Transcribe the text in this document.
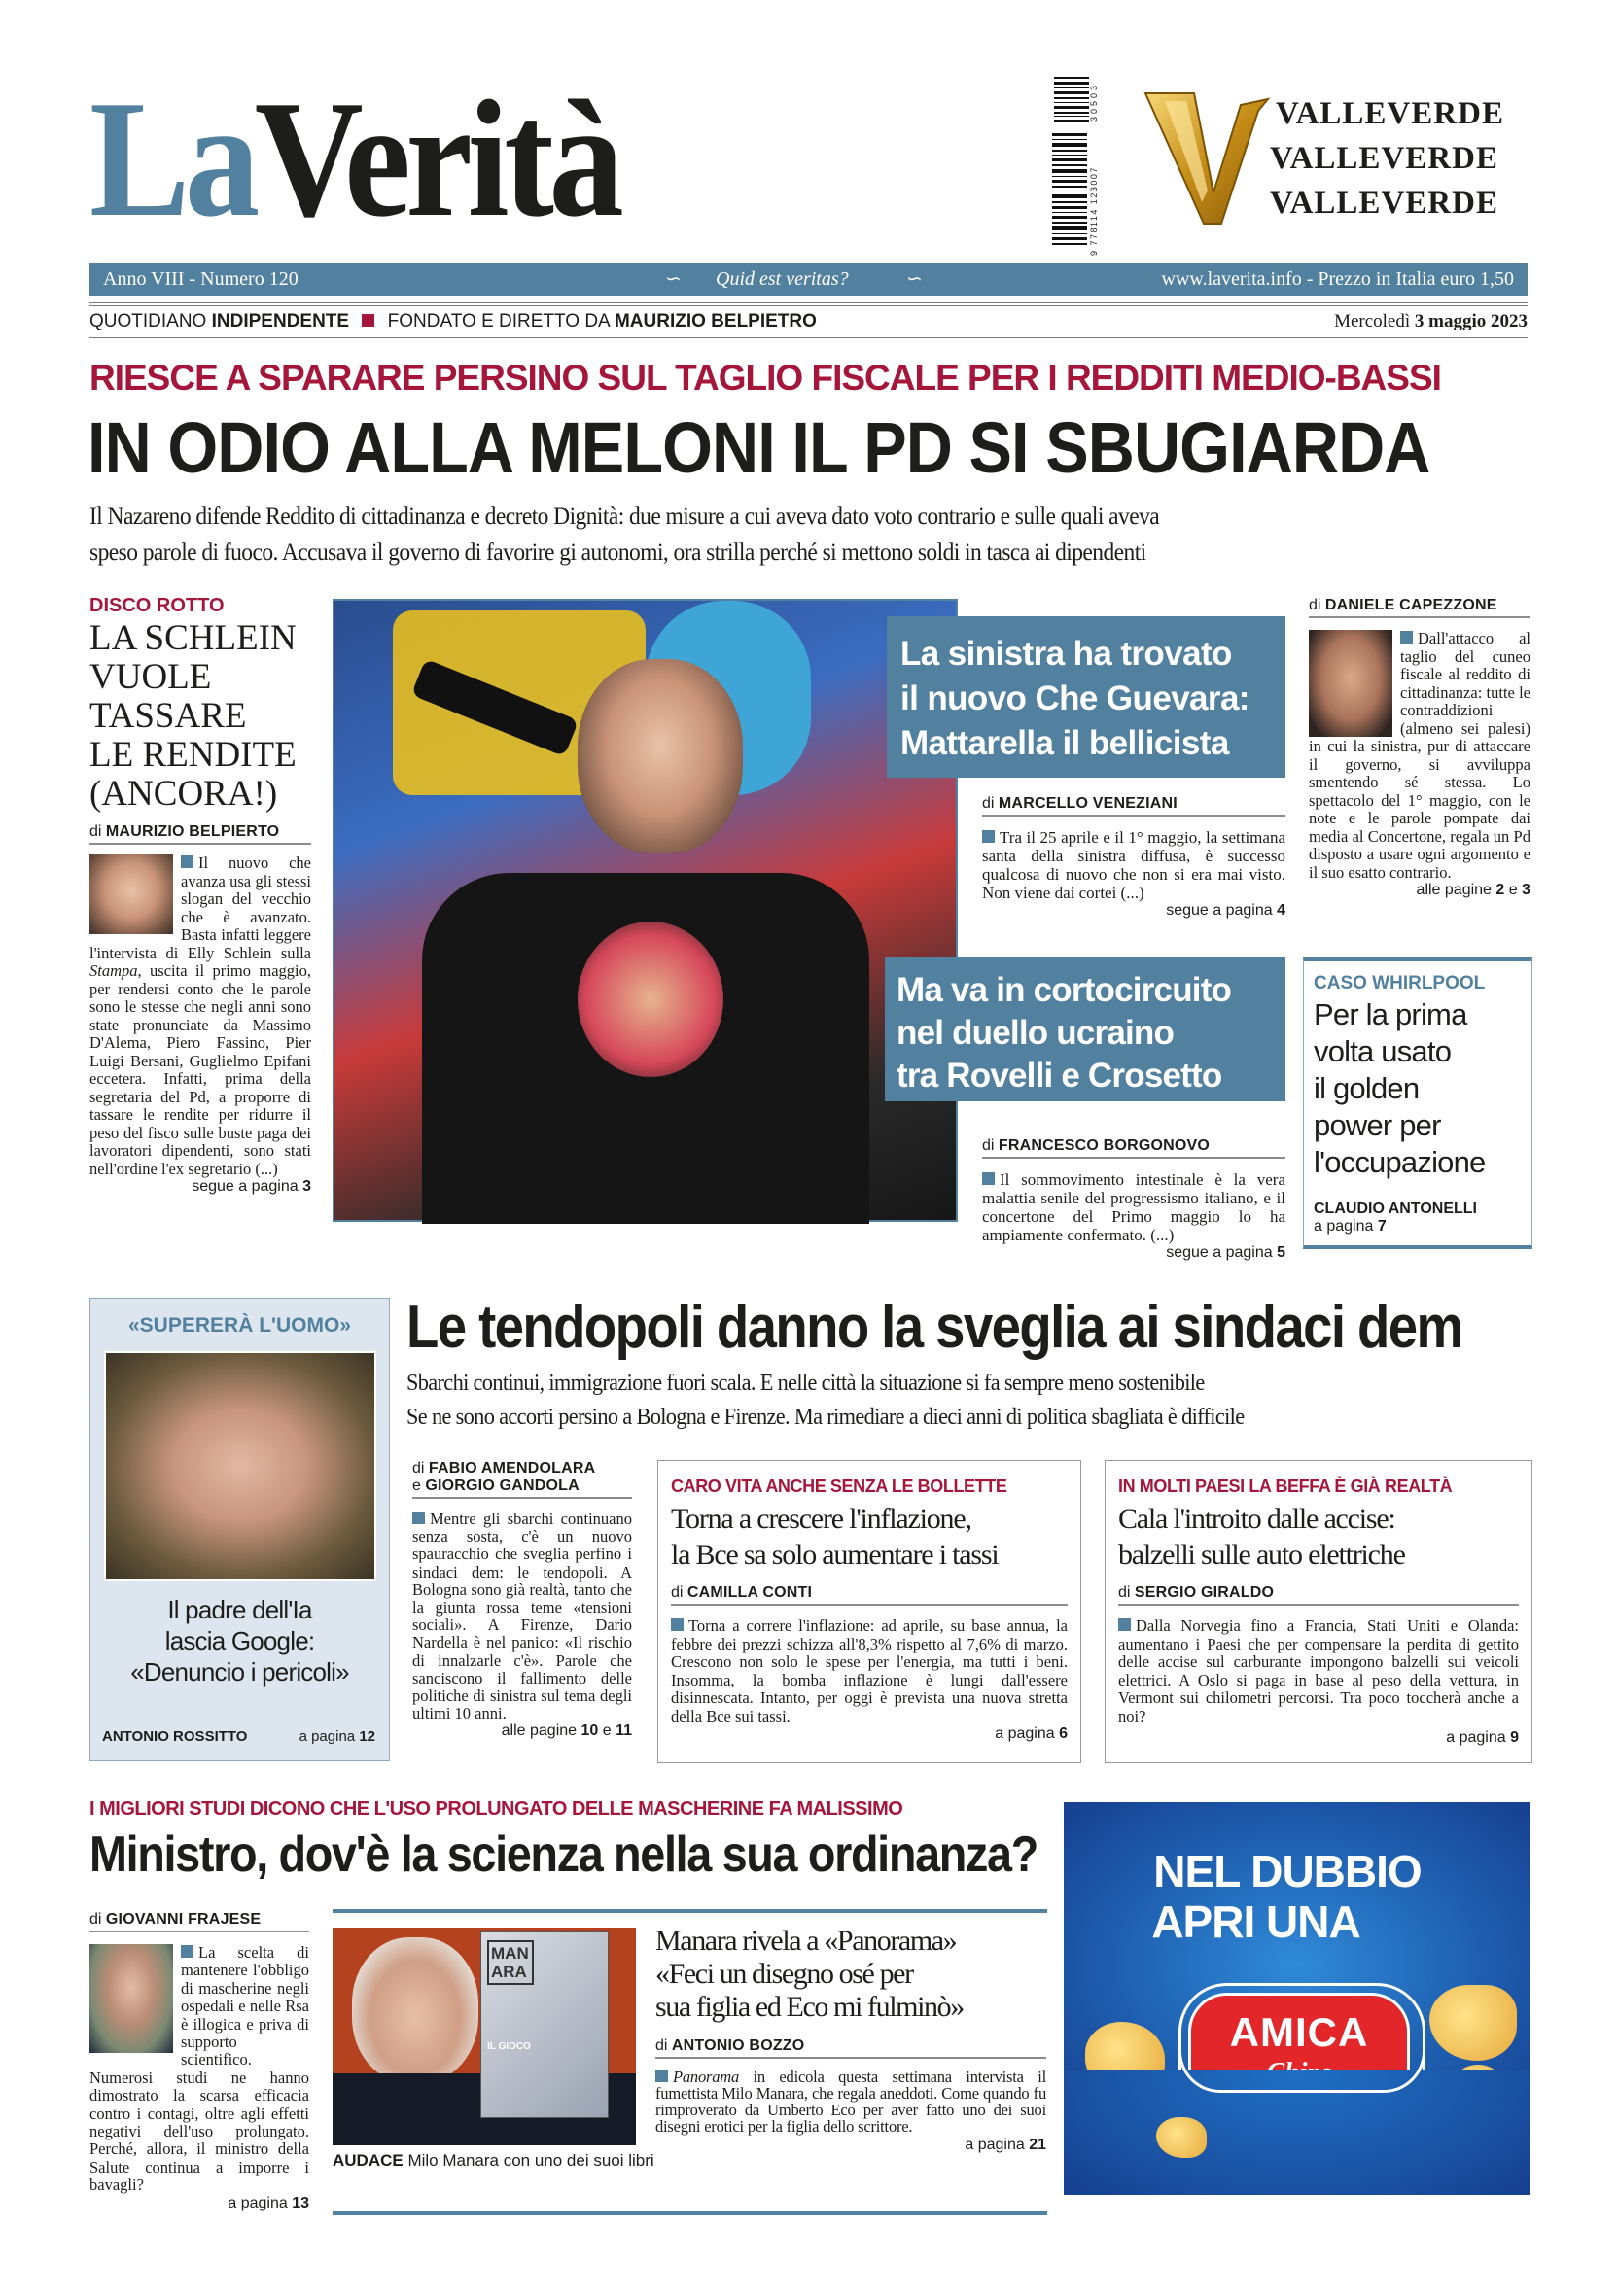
LaVerità	30503
9 778114 123007
VALLEVERDE
VALLEVERDE
VALLEVERDE
Anno VIII - Numero 120	∽ Quid est veritas?	∽	www.laverita.info - Prezzo in Italia euro 1,50
QUOTIDIANO INDIPENDENTE FONDATO E DIRETTO DA MAURIZIO BELPIETRO	Mercoledì 3 maggio 2023
RIESCE A SPARARE PERSINO SUL TAGLIO FISCALE PER I REDDITI MEDIO-BASSI
IN ODIO ALLA MELONI IL PD SI SBUGIARDA
Il Nazareno difende Reddito di cittadinanza e decreto Dignità: due misure a cui aveva dato voto contrario e sulle quali aveva
speso parole di fuoco. Accusava il governo di favorire gi autonomi, ora strilla perché si mettono soldi in tasca ai dipendenti
DISCO ROTTO
LA SCHLEIN
VUOLE
TASSARE
LE RENDITE
(ANCORA!)
di MAURIZIO BELPIERTO
Il nuovo che avanza usa gli stessi slogan del vecchio che è avanzato. Basta infatti leggere l'intervista di Elly Schlein sulla Stampa, uscita il primo maggio, per rendersi conto che le parole sono le stesse che negli anni sono state pronunciate da Massimo D'Alema, Piero Fassino, Pier Luigi Bersani, Guglielmo Epifani eccetera. Infatti, prima della segretaria del Pd, a proporre di tassare le rendite per ridurre il peso del fisco sulle buste paga dei lavoratori dipendenti, sono stati nell'ordine l'ex segretario (...)
segue a pagina 3
La sinistra ha trovato
il nuovo Che Guevara:
Mattarella il bellicista
di MARCELLO VENEZIANI
Tra il 25 aprile e il 1° maggio, la settimana santa della sinistra diffusa, è successo qualcosa di nuovo che non si era mai visto. Non viene dai cortei (...)
segue a pagina 4
Ma va in cortocircuito
nel duello ucraino
tra Rovelli e Crosetto
di FRANCESCO BORGONOVO
Il sommovimento intestinale è la vera malattia senile del progressismo italiano, e il concertone del Primo maggio lo ha ampiamente confermato. (...)
segue a pagina 5
di DANIELE CAPEZZONE
Dall'attacco al taglio del cuneo fiscale al reddito di cittadinanza: tutte le contraddizioni (almeno sei palesi) in cui la sinistra, pur di attaccare il governo, si avviluppa smentendo sé stessa. Lo spettacolo del 1° maggio, con le note e le parole pompate dai media al Concertone, regala un Pd disposto a usare ogni argomento e il suo esatto contrario.
alle pagine 2 e 3
CASO WHIRLPOOL
Per la prima
volta usato
il golden
power per
l'occupazione
CLAUDIO ANTONELLI
a pagina 7
«SUPERERÀ L'UOMO»
Il padre dell'Ia
lascia Google:
«Denuncio i pericoli»
ANTONIO ROSSITTO	a pagina 12
Le tendopoli danno la sveglia ai sindaci dem
Sbarchi continui, immigrazione fuori scala. E nelle città la situazione si fa sempre meno sostenibile
Se ne sono accorti persino a Bologna e Firenze. Ma rimediare a dieci anni di politica sbagliata è difficile
di FABIO AMENDOLARA
e GIORGIO GANDOLA
Mentre gli sbarchi continuano senza sosta, c'è un nuovo spauracchio che sveglia perfino i sindaci dem: le tendopoli. A Bologna sono già realtà, tanto che la giunta rossa teme «tensioni sociali». A Firenze, Dario Nardella è nel panico: «Il rischio di innalzarle c'è». Parole che sanciscono il fallimento delle politiche di sinistra sul tema degli ultimi 10 anni.
alle pagine 10 e 11
CARO VITA ANCHE SENZA LE BOLLETTE
Torna a crescere l'inflazione,
la Bce sa solo aumentare i tassi
di CAMILLA CONTI
Torna a correre l'inflazione: ad aprile, su base annua, la febbre dei prezzi schizza all'8,3% rispetto al 7,6% di marzo. Crescono non solo le spese per l'energia, ma tutti i beni. Insomma, la bomba inflazione è lungi dall'essere disinnescata. Intanto, per oggi è prevista una nuova stretta della Bce sui tassi.
a pagina 6
IN MOLTI PAESI LA BEFFA È GIÀ REALTÀ
Cala l'introito dalle accise:
balzelli sulle auto elettriche
di SERGIO GIRALDO
Dalla Norvegia fino a Francia, Stati Uniti e Olanda: aumentano i Paesi che per compensare la perdita di gettito delle accise sul carburante impongono balzelli sui veicoli elettrici. A Oslo si paga in base al peso della vettura, in Vermont sui chilometri percorsi. Tra poco toccherà anche a noi?
a pagina 9
I MIGLIORI STUDI DICONO CHE L'USO PROLUNGATO DELLE MASCHERINE FA MALISSIMO
Ministro, dov'è la scienza nella sua ordinanza?
di GIOVANNI FRAJESE
La scelta di mantenere l'obbligo di mascherine negli ospedali e nelle Rsa è illogica e priva di supporto scientifico. Numerosi studi ne hanno dimostrato la scarsa efficacia contro i contagi, oltre agli effetti negativi dell'uso prolungato. Perché, allora, il ministro della Salute continua a imporre i bavagli?
a pagina 13
MANARA
IL GIOCO
AUDACE Milo Manara con uno dei suoi libri
Manara rivela a «Panorama»
«Feci un disegno osé per
sua figlia ed Eco mi fulminò»
di ANTONIO BOZZO
Panorama in edicola questa settimana intervista il fumettista Milo Manara, che regala aneddoti. Come quando fu rimproverato da Umberto Eco per aver fatto uno dei suoi disegni erotici per la figlia dello scrittore.
a pagina 21
NEL DUBBIO
APRI UNA
AMICA
